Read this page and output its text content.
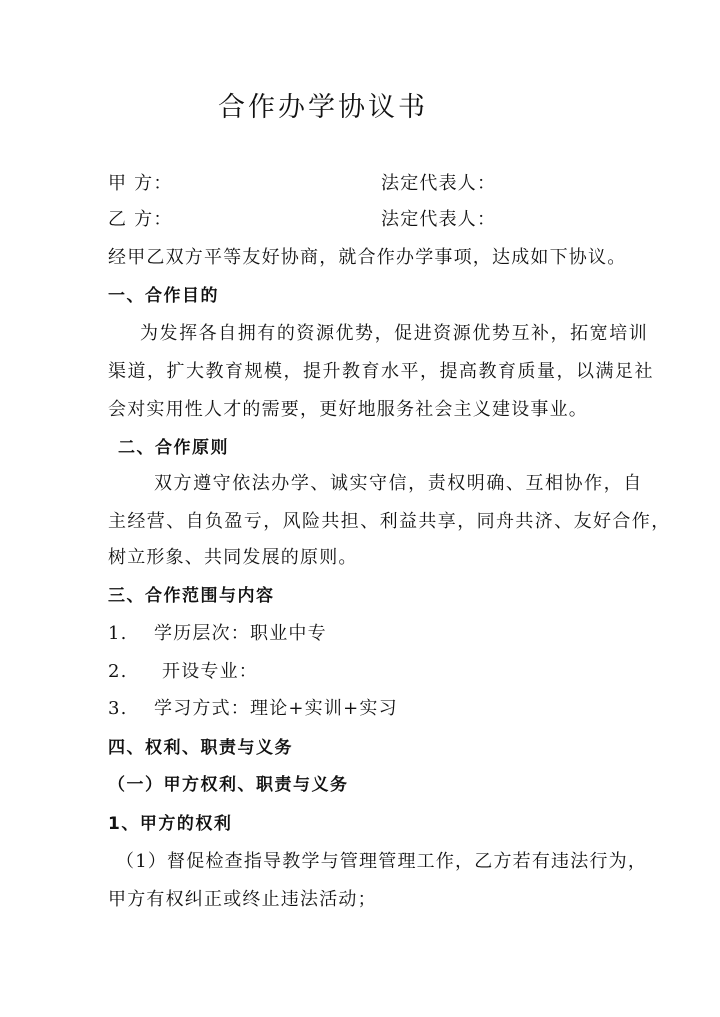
合作办学协议书
甲 方：	法定代表人：
乙 方：	法定代表人：
经甲乙双方平等友好协商，就合作办学事项，达成如下协议。
一、合作目的
为发挥各自拥有的资源优势，促进资源优势互补，拓宽培训
渠道，扩大教育规模，提升教育水平，提高教育质量，以满足社
会对实用性人才的需要，更好地服务社会主义建设事业。
二、合作原则
双方遵守依法办学、诚实守信，责权明确、互相协作，自
主经营、自负盈亏，风险共担、利益共享，同舟共济、友好合作，
树立形象、共同发展的原则。
三、合作范围与内容
1. 学历层次：职业中专
2. 开设专业：
3. 学习方式：理论+实训+实习
四、权利、职责与义务
（一）甲方权利、职责与义务
1、甲方的权利
（1）督促检查指导教学与管理管理工作，乙方若有违法行为，
甲方有权纠正或终止违法活动；
